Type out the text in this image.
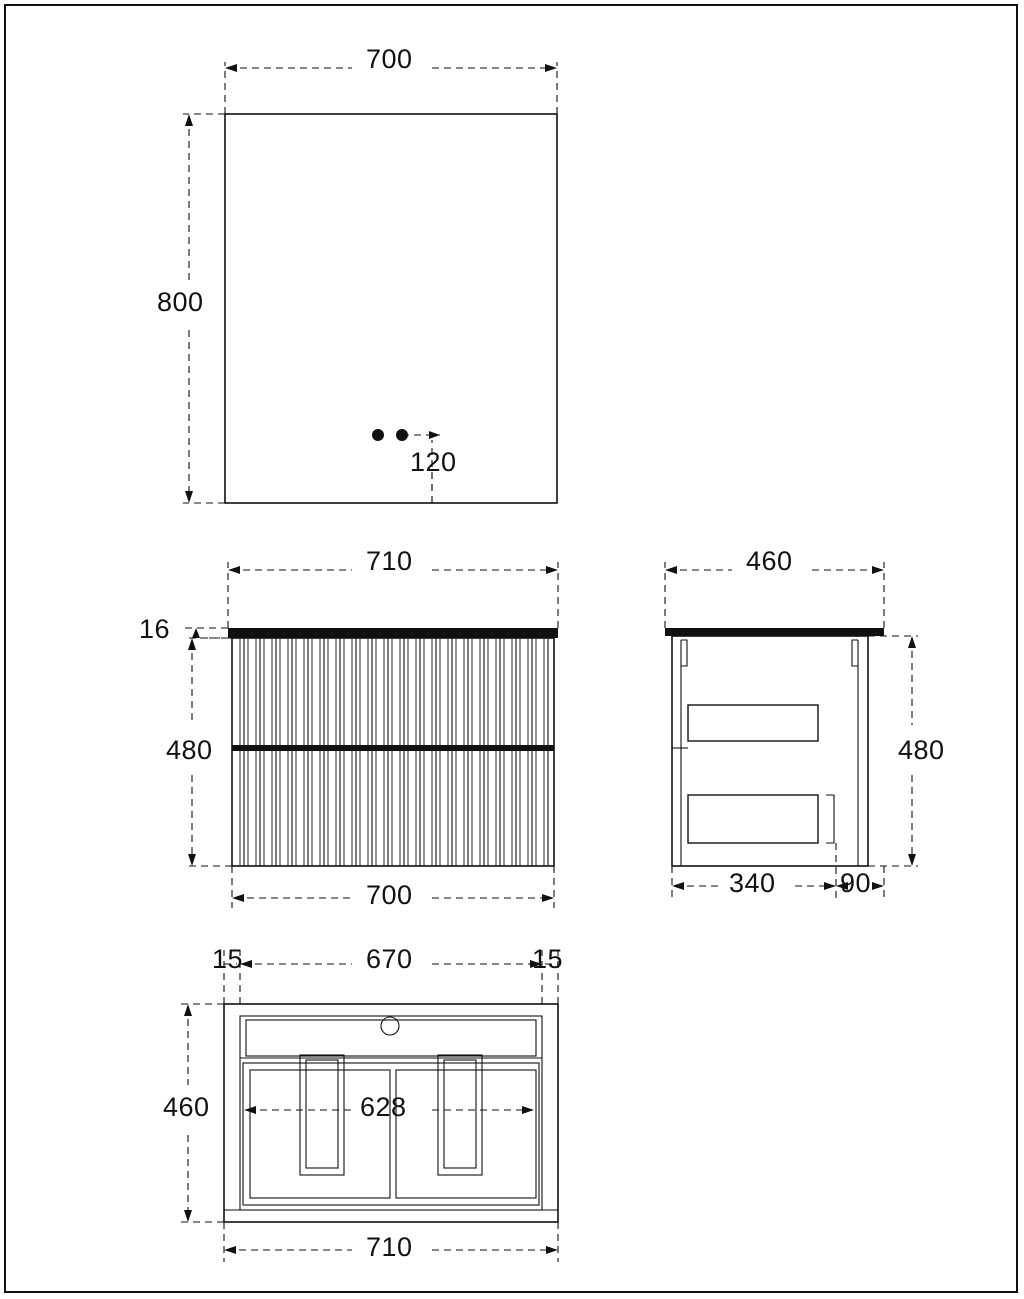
700
800
120
710
16
480
700
460
480
340 90
15	670	15
460	628
710
